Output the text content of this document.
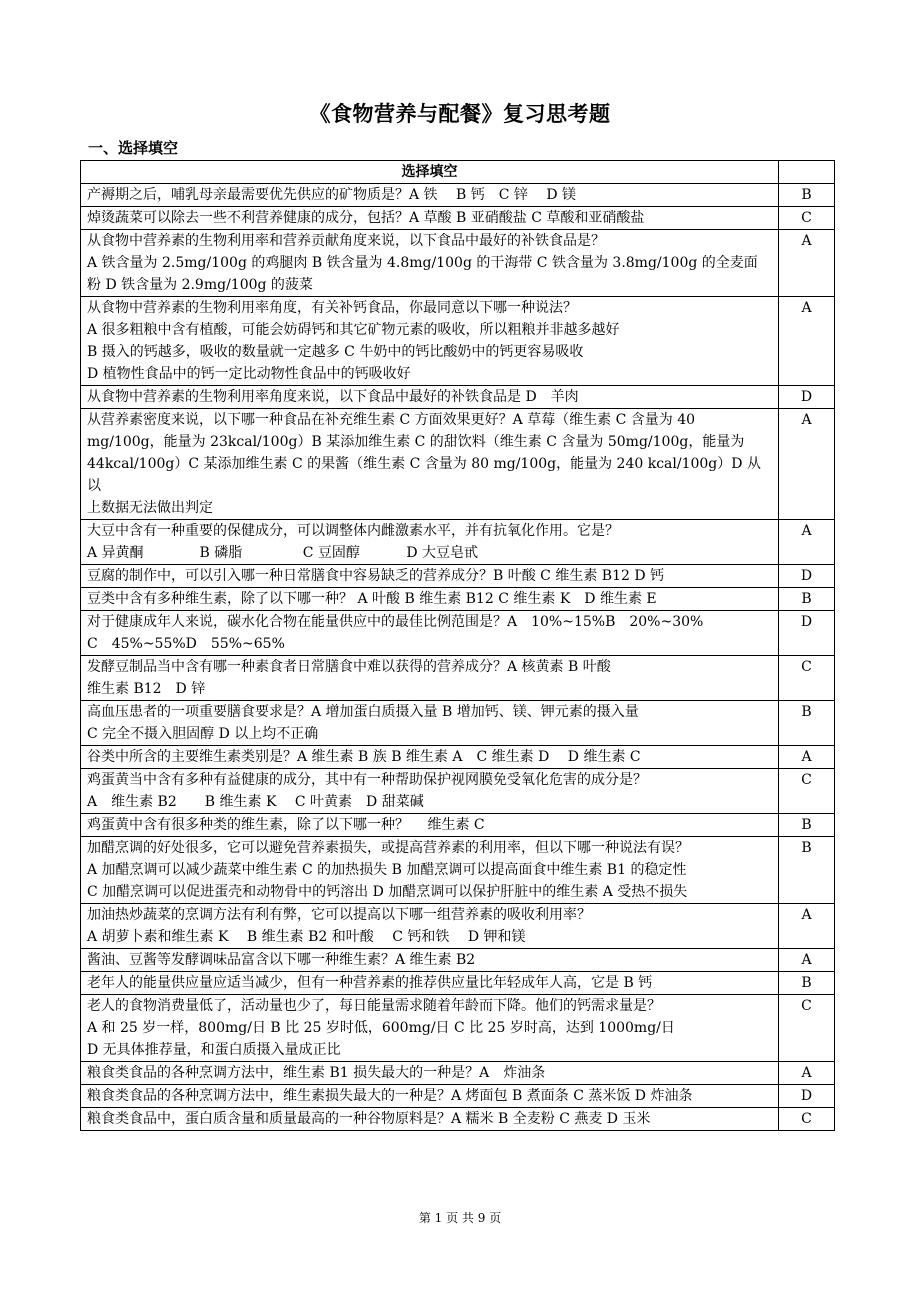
《食物营养与配餐》复习思考题
一、选择填空
选择填空	

产褥期之后，哺乳母亲最需要优先供应的矿物质是？A 铁　 B 钙　C 锌　 D 镁	B

焯烫蔬菜可以除去一些不利营养健康的成分，包括？A 草酸 B 亚硝酸盐 C 草酸和亚硝酸盐	C

从食物中营养素的生物利用率和营养贡献角度来说，以下食品中最好的补铁食品是？
A 铁含量为 2.5mg/100g 的鸡腿肉 B 铁含量为 4.8mg/100g 的干海带 C 铁含量为 3.8mg/100g 的全麦面
粉 D 铁含量为 2.9mg/100g 的菠菜	A

从食物中营养素的生物利用率角度，有关补钙食品，你最同意以下哪一种说法？
A 很多粗粮中含有植酸，可能会妨碍钙和其它矿物元素的吸收，所以粗粮并非越多越好
B 摄入的钙越多，吸收的数量就一定越多 C 牛奶中的钙比酸奶中的钙更容易吸收
D 植物性食品中的钙一定比动物性食品中的钙吸收好	A

从食物中营养素的生物利用率角度来说，以下食品中最好的补铁食品是 D　羊肉	D

从营养素密度来说，以下哪一种食品在补充维生素 C 方面效果更好？A 草莓（维生素 C 含量为 40
mg/100g，能量为 23kcal/100g）B 某添加维生素 C 的甜饮料（维生素 C 含量为 50mg/100g，能量为
44kcal/100g）C 某添加维生素 C 的果酱（维生素 C 含量为 80 mg/100g，能量为 240 kcal/100g）D 从以
上数据无法做出判定	A

大豆中含有一种重要的保健成分，可以调整体内雌激素水平，并有抗氧化作用。它是？
A 异黄酮　　　　B 磷脂　　　　 C 豆固醇　　　 D 大豆皂甙	A

豆腐的制作中，可以引入哪一种日常膳食中容易缺乏的营养成分？B 叶酸 C 维生素 B12 D 钙	D

豆类中含有多种维生素，除了以下哪一种？ A 叶酸 B 维生素 B12 C 维生素 K　D 维生素 E	B

对于健康成年人来说，碳水化合物在能量供应中的最佳比例范围是？A　10%~15%B　20%~30%
C　45%~55%D　55%~65%	D

发酵豆制品当中含有哪一种素食者日常膳食中难以获得的营养成分？A 核黄素 B 叶酸
维生素 B12　D 锌	C

高血压患者的一项重要膳食要求是？A 增加蛋白质摄入量 B 增加钙、镁、钾元素的摄入量
C 完全不摄入胆固醇 D 以上均不正确	B

谷类中所含的主要维生素类别是？A 维生素 B 族 B 维生素 A　C 维生素 D　 D 维生素 C	A

鸡蛋黄当中含有多种有益健康的成分，其中有一种帮助保护视网膜免受氧化危害的成分是？
A　维生素 B2　　B 维生素 K　 C 叶黄素　D 甜菜碱	C

鸡蛋黄中含有很多种类的维生素，除了以下哪一种？　 维生素 C	B

加醋烹调的好处很多，它可以避免营养素损失，或提高营养素的利用率，但以下哪一种说法有误？
A 加醋烹调可以减少蔬菜中维生素 C 的加热损失 B 加醋烹调可以提高面食中维生素 B1 的稳定性
C 加醋烹调可以促进蛋壳和动物骨中的钙溶出 D 加醋烹调可以保护肝脏中的维生素 A 受热不损失	B

加油热炒蔬菜的烹调方法有利有弊，它可以提高以下哪一组营养素的吸收利用率？
A 胡萝卜素和维生素 K　 B 维生素 B2 和叶酸　 C 钙和铁　 D 钾和镁	A

酱油、豆酱等发酵调味品富含以下哪一种维生素？A 维生素 B2	A

老年人的能量供应量应适当减少，但有一种营养素的推荐供应量比年轻成年人高，它是 B 钙	B

老人的食物消费量低了，活动量也少了，每日能量需求随着年龄而下降。他们的钙需求量是？
A 和 25 岁一样，800mg/日 B 比 25 岁时低，600mg/日 C 比 25 岁时高，达到 1000mg/日
D 无具体推荐量，和蛋白质摄入量成正比	C

粮食类食品的各种烹调方法中，维生素 B1 损失最大的一种是？A　炸油条	A

粮食类食品的各种烹调方法中，维生素损失最大的一种是？A 烤面包 B 煮面条 C 蒸米饭 D 炸油条	D

粮食类食品中，蛋白质含量和质量最高的一种谷物原料是？A 糯米 B 全麦粉 C 燕麦 D 玉米	C
第 1 页 共 9 页
